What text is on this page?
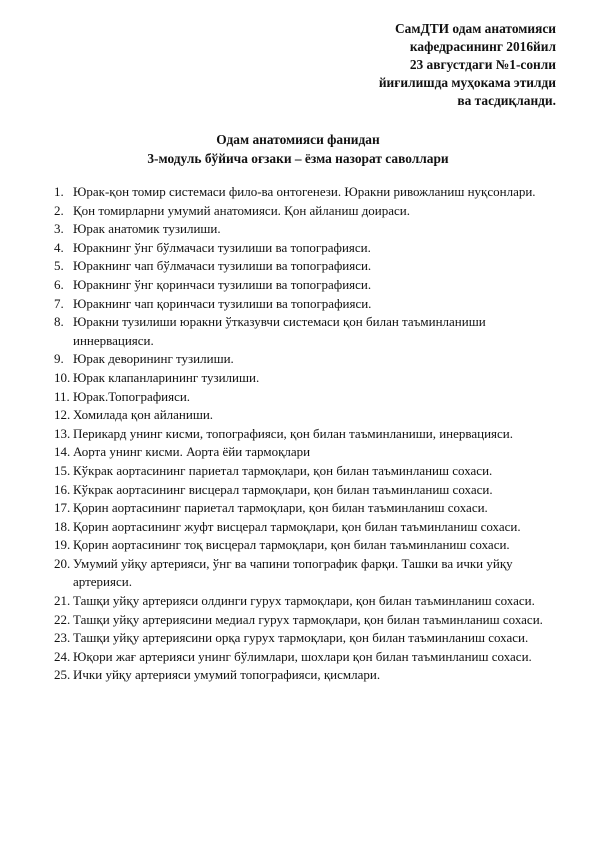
СамДТИ одам анатомияси
кафедрасининг 2016йил
23 августдаги №1-сонли
йиғилишда муҳокама этилди
ва тасдиқланди.
Одам анатомияси фанидан
3-модуль бўйича оғзаки – ёзма назорат саволлари
1. Юрак-қон томир системаси фило-ва онтогенези. Юракни ривожланиш нуқсонлари.
2. Қон томирларни умумий анатомияси. Қон айланиш доираси.
3. Юрак анатомик тузилиши.
4. Юракнинг ўнг бўлмачаси тузилиши ва топографияси.
5. Юракнинг чап бўлмачаси тузилиши ва топографияси.
6. Юракнинг ўнг қоринчаси тузилиши ва топографияси.
7. Юракнинг чап қоринчаси тузилиши ва топографияси.
8. Юракни тузилиши юракни ўтказувчи системаси қон билан таъминланиши иннервацияси.
9. Юрак деворининг тузилиши.
10. Юрак клапанларининг тузилиши.
11. Юрак.Топографияси.
12. Хомилада қон айланиши.
13. Перикард унинг кисми, топографияси, қон билан таъминланиши, инервацияси.
14. Аорта унинг кисми. Аорта ёйи тармоқлари
15. Кўкрак аортасининг париетал тармоқлари, қон билан таъминланиш сохаси.
16. Кўкрак аортасининг висцерал тармоқлари, қон билан таъминланиш сохаси.
17. Қорин аортасининг париетал тармоқлари, қон билан таъминланиш сохаси.
18. Қорин аортасининг жуфт висцерал тармоқлари, қон билан таъминланиш сохаси.
19. Қорин аортасининг тоқ висцерал тармоқлари, қон билан таъминланиш сохаси.
20. Умумий уйқу артерияси, ўнг ва чапини топографик фарқи. Ташки ва ички уйқу артерияси.
21. Ташқи уйқу артерияси олдинги гурух тармоқлари, қон билан таъминланиш сохаси.
22. Ташқи уйқу артериясини медиал гурух тармоқлари, қон билан таъминланиш сохаси.
23. Ташқи уйқу артериясини орқа гурух тармоқлари, қон билан таъминланиш сохаси.
24. Юқори жағ артерияси унинг бўлимлари, шохлари қон билан таъминланиш сохаси.
25. Ички уйқу артерияси умумий топографияси, қисмлари.
